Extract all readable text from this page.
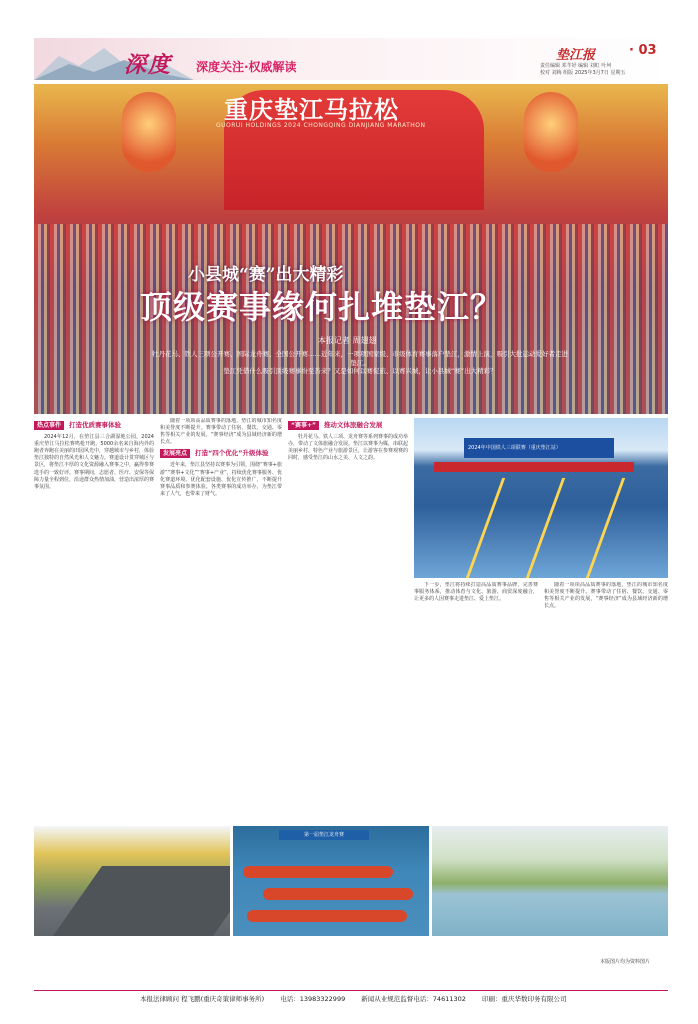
深度 深度关注·权威解读
垫江报	· 03
责任编辑 邓芊妤 编辑 刘虹 叶坷
校对 刘梅 组版 2025年3月7日 星期五
重庆垫江马拉松
GUORUI HOLDINGS 2024 CHONGQING DIANJIANG MARATHON
小县城“赛”出大精彩
顶级赛事缘何扎堆垫江？
本报记者 周翅翅
牡丹花马、铁人三项公开赛、国际龙舟赛、全国公开赛……近年来，一项项国家级、市级体育赛事落户垫江，激情上演，吸引大批运动爱好者走进垫江。
垫江凭借什么吸引顶级赛事纷至沓来？又是如何以赛促旅、以赛兴城，让小县城“赛”出大精彩？
热点事件	打造优质赛事体验

2024年12月，在垫江县三合湖湿地公园，2024重庆垫江马拉松赛鸣枪开跑，5000余名来自海内外的跑者奔跑在美丽的田园风光中，穿越城市与乡村，体验垫江独特的自然风光和人文魅力。赛道设计贯穿城区与景区，将垫江丰厚的文化资源融入赛事之中，赢得参赛选手的一致好评。赛事期间，志愿者、医疗、安保等保障力量全程到位，沿途群众热情加油，营造出浓厚的赛事氛围。

随着一项项高品质赛事的落地，垫江的城市知名度和美誉度不断提升。赛事带动了住宿、餐饮、交通、零售等相关产业的发展，“赛事经济”成为县域经济新的增长点。

发展亮点	打造“四个优化”升级体验

近年来，垫江县坚持以赛事为引领，围绕“赛事+旅游”“赛事+文化”“赛事+产业”，持续优化赛事服务、优化赛道环境、优化配套设施、优化宣传推广，不断提升赛事品质和参赛体验。各类赛事的成功举办，为垫江带来了人气，也带来了财气。

“赛事+”	推动文体旅融合发展

牡丹花马、铁人三项、龙舟赛等系列赛事的成功举办，带动了文体旅融合发展。垫江以赛事为媒，串联起美丽乡村、特色产业与旅游景区，让游客在参赛观赛的同时，感受垫江的山水之美、人文之韵。

下一步，垫江将持续打造高品质赛事品牌，完善赛事服务体系，推动体育与文化、旅游、商贸深度融合，让更多的人因赛事走进垫江、爱上垫江。

随着一项项高品质赛事的落地，垫江的城市知名度和美誉度不断提升。赛事带动了住宿、餐饮、交通、零售等相关产业的发展，“赛事经济”成为县域经济新的增长点。

2024年中国铁人三项联赛（重庆垫江站）
第一届垫江龙舟赛
本版图片均为资料图片
本报法律顾问 程飞鹏(重庆奇策律师事务所) 电话：13983322999 新闻从业规范监督电话：74611302 印刷：重庆华数印务有限公司
